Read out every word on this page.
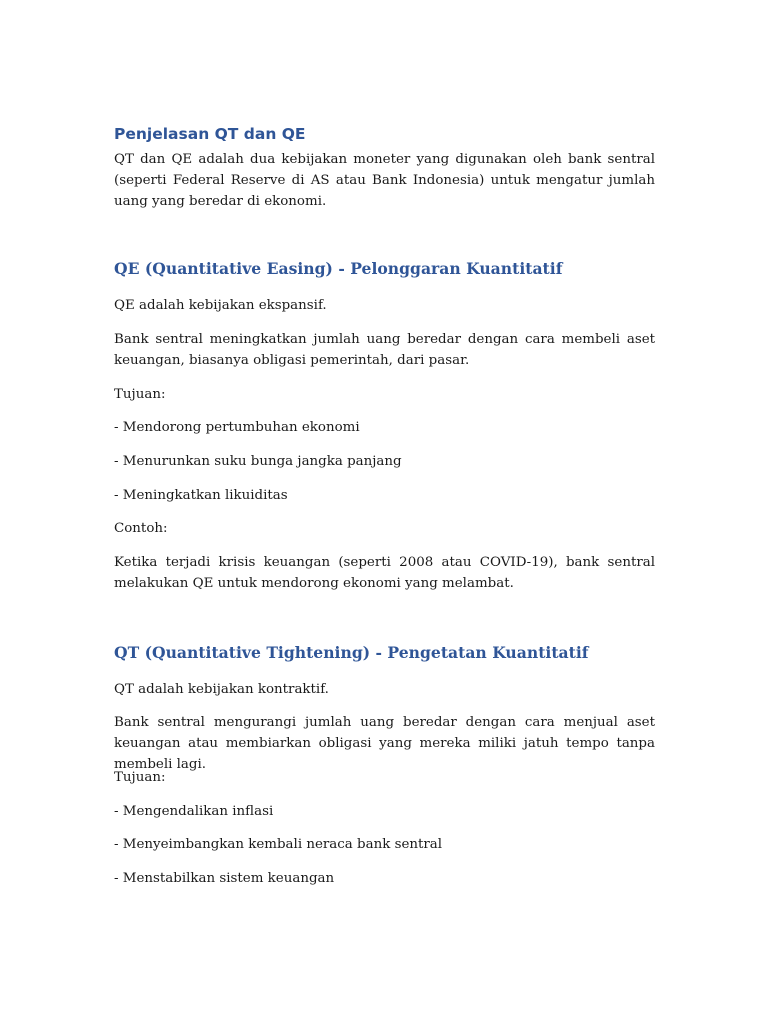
Penjelasan QT dan QE

QT dan QE adalah dua kebijakan moneter yang digunakan oleh bank sentral (seperti Federal Reserve di AS atau Bank Indonesia) untuk mengatur jumlah uang yang beredar di ekonomi.

QE (Quantitative Easing) - Pelonggaran Kuantitatif

QE adalah kebijakan ekspansif.

Bank sentral meningkatkan jumlah uang beredar dengan cara membeli aset keuangan, biasanya obligasi pemerintah, dari pasar.

Tujuan:

- Mendorong pertumbuhan ekonomi

- Menurunkan suku bunga jangka panjang

- Meningkatkan likuiditas

Contoh:

Ketika terjadi krisis keuangan (seperti 2008 atau COVID-19), bank sentral melakukan QE untuk mendorong ekonomi yang melambat.

QT (Quantitative Tightening) - Pengetatan Kuantitatif

QT adalah kebijakan kontraktif.

Bank sentral mengurangi jumlah uang beredar dengan cara menjual aset keuangan atau membiarkan obligasi yang mereka miliki jatuh tempo tanpa membeli lagi.

Tujuan:

- Mengendalikan inflasi

- Menyeimbangkan kembali neraca bank sentral

- Menstabilkan sistem keuangan
